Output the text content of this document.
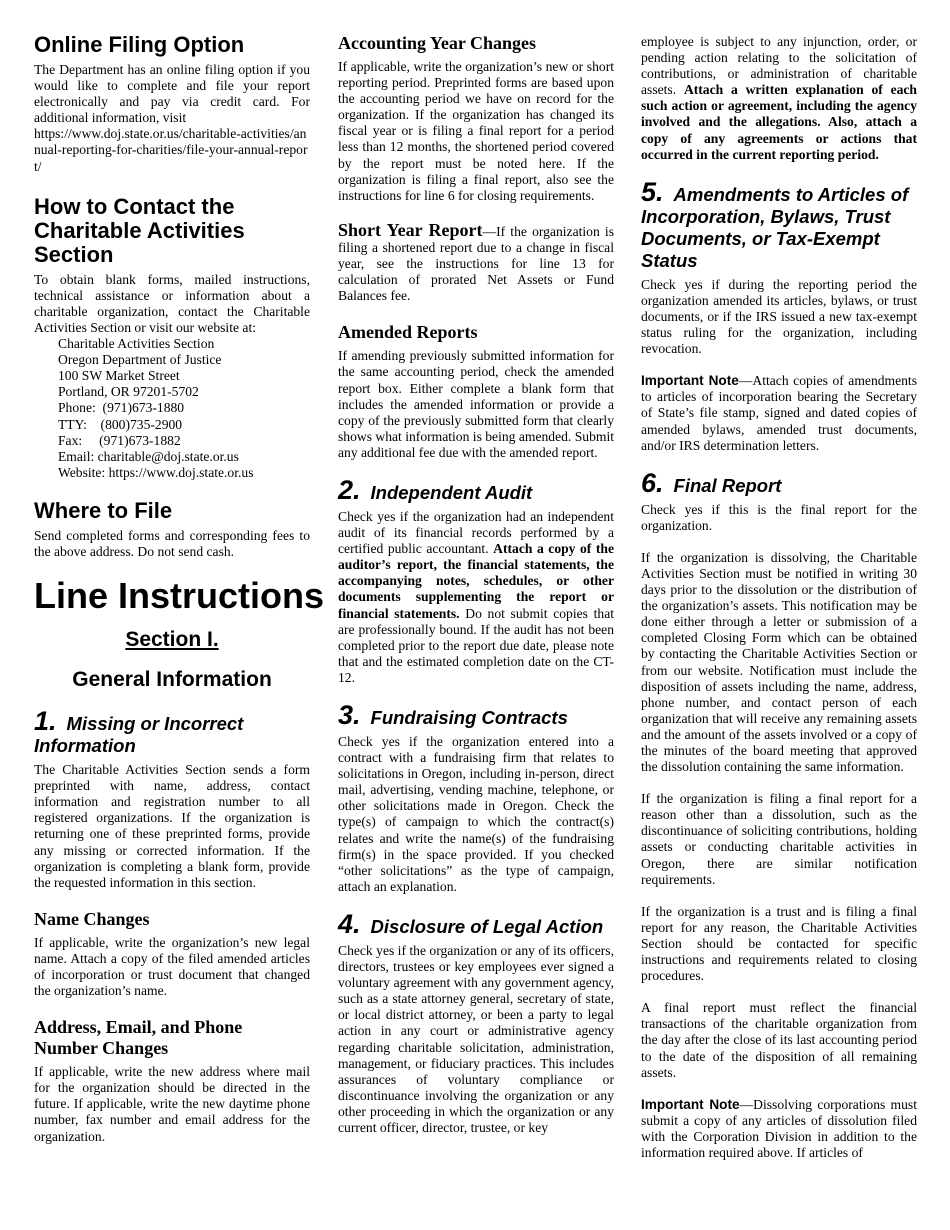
Online Filing Option

The Department has an online filing option if you would like to complete and file your report electronically and pay via credit card. For additional information, visit

https://www.doj.state.or.us/charitable-activities/annual-reporting-for-charities/file-your-annual-report/

How to Contact the Charitable Activities Section

To obtain blank forms, mailed instructions, technical assistance or information about a charitable organization, contact the Charitable Activities Section or visit our website at:

Charitable Activities Section
Oregon Department of Justice
100 SW Market Street
Portland, OR 97201-5702
Phone:  (971)673-1880
TTY:    (800)735-2900
Fax:     (971)673-1882
Email: charitable@doj.state.or.us
Website: https://www.doj.state.or.us
Where to File

Send completed forms and corresponding fees to the above address. Do not send cash.

Line Instructions
Section I.
General Information
1. Missing or Incorrect Information

The Charitable Activities Section sends a form preprinted with name, address, contact information and registration number to all registered organizations. If the organization is returning one of these preprinted forms, provide any missing or corrected information. If the organization is completing a blank form, provide the requested information in this section.

Name Changes

If applicable, write the organization’s new legal name. Attach a copy of the filed amended articles of incorporation or trust document that changed the organization’s name.

Address, Email, and Phone Number Changes

If applicable, write the new address where mail for the organization should be directed in the future. If applicable, write the new daytime phone number, fax number and email address for the organization.

Accounting Year Changes

If applicable, write the organization’s new or short reporting period. Preprinted forms are based upon the accounting period we have on record for the organization. If the organization has changed its fiscal year or is filing a final report for a period less than 12 months, the shortened period covered by the report must be noted here. If the organization is filing a final report, also see the instructions for line 6 for closing requirements.

Short Year Report—If the organization is filing a shortened report due to a change in fiscal year, see the instructions for line 13 for calculation of prorated Net Assets or Fund Balances fee.

Amended Reports

If amending previously submitted information for the same accounting period, check the amended report box. Either complete a blank form that includes the amended information or provide a copy of the previously submitted form that clearly shows what information is being amended. Submit any additional fee due with the amended report.

2. Independent Audit

Check yes if the organization had an independent audit of its financial records performed by a certified public accountant. Attach a copy of the auditor’s report, the financial statements, the accompanying notes, schedules, or other documents supplementing the report or financial statements. Do not submit copies that are professionally bound. If the audit has not been completed prior to the report due date, please note that and the estimated completion date on the CT-12.

3. Fundraising Contracts

Check yes if the organization entered into a contract with a fundraising firm that relates to solicitations in Oregon, including in-person, direct mail, advertising, vending machine, telephone, or other solicitations made in Oregon. Check the type(s) of campaign to which the contract(s) relates and write the name(s) of the fundraising firm(s) in the space provided. If you checked “other solicitations” as the type of campaign, attach an explanation.

4. Disclosure of Legal Action

Check yes if the organization or any of its officers, directors, trustees or key employees ever signed a voluntary agreement with any government agency, such as a state attorney general, secretary of state, or local district attorney, or been a party to legal action in any court or administrative agency regarding charitable solicitation, administration, management, or fiduciary practices. This includes assurances of voluntary compliance or discontinuance involving the organization or any other proceeding in which the organization or any current officer, director, trustee, or key

employee is subject to any injunction, order, or pending action relating to the solicitation of contributions, or administration of charitable assets. Attach a written explanation of each such action or agreement, including the agency involved and the allegations. Also, attach a copy of any agreements or actions that occurred in the current reporting period.

5. Amendments to Articles of Incorporation, Bylaws, Trust Documents, or Tax-Exempt Status

Check yes if during the reporting period the organization amended its articles, bylaws, or trust documents, or if the IRS issued a new tax-exempt status ruling for the organization, including revocation.

Important Note—Attach copies of amendments to articles of incorporation bearing the Secretary of State’s file stamp, signed and dated copies of amended bylaws, amended trust documents, and/or IRS determination letters.

6. Final Report

Check yes if this is the final report for the organization.

If the organization is dissolving, the Charitable Activities Section must be notified in writing 30 days prior to the dissolution or the distribution of the organization’s assets. This notification may be done either through a letter or submission of a completed Closing Form which can be obtained by contacting the Charitable Activities Section or from our website. Notification must include the disposition of assets including the name, address, phone number, and contact person of each organization that will receive any remaining assets and the amount of the assets involved or a copy of the minutes of the board meeting that approved the dissolution containing the same information.

If the organization is filing a final report for a reason other than a dissolution, such as the discontinuance of soliciting contributions, holding assets or conducting charitable activities in Oregon, there are similar notification requirements.

If the organization is a trust and is filing a final report for any reason, the Charitable Activities Section should be contacted for specific instructions and requirements related to closing procedures.

A final report must reflect the financial transactions of the charitable organization from the day after the close of its last accounting period to the date of the disposition of all remaining assets.

Important Note—Dissolving corporations must submit a copy of any articles of dissolution filed with the Corporation Division in addition to the information required above. If articles of
